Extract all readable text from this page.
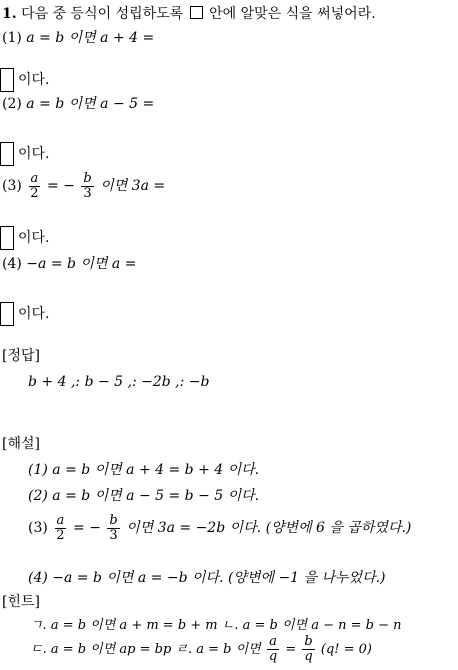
1. 다음 중 등식이 성립하도록 안에 알맞은 식을 써넣어라.
(1) a = b 이면 a + 4 =
이다.
(2) a = b 이면 a − 5 =
이다.
$(3) \frac{a}{2}$ = − $\frac{b}{3}$ 이면 3a =
이다.
(4) −a = b 이면 a =
이다.
[정답]
b + 4 ,: b − 5 ,: −2b ,: −b
[해설]
(1) a = b 이면 a + 4 = b + 4 이다.
(2) a = b 이면 a − 5 = b − 5 이다.
$(3) \frac{a}{2}$ = − $\frac{b}{3}$ 이면 3a = −2b 이다. (양변에 6 을 곱하였다.)
(4) −a = b 이면 a = −b 이다. (양변에 −1 을 나누었다.)
[힌트]
ㄱ. a = b 이면 a + m = b + m ㄴ. a = b 이면 a − n = b − n
ㄷ. a = b 이면 ap = bp ㄹ. a = b 이면 $\frac{a}{q} = \frac{b}{q} (q$! = 0)
